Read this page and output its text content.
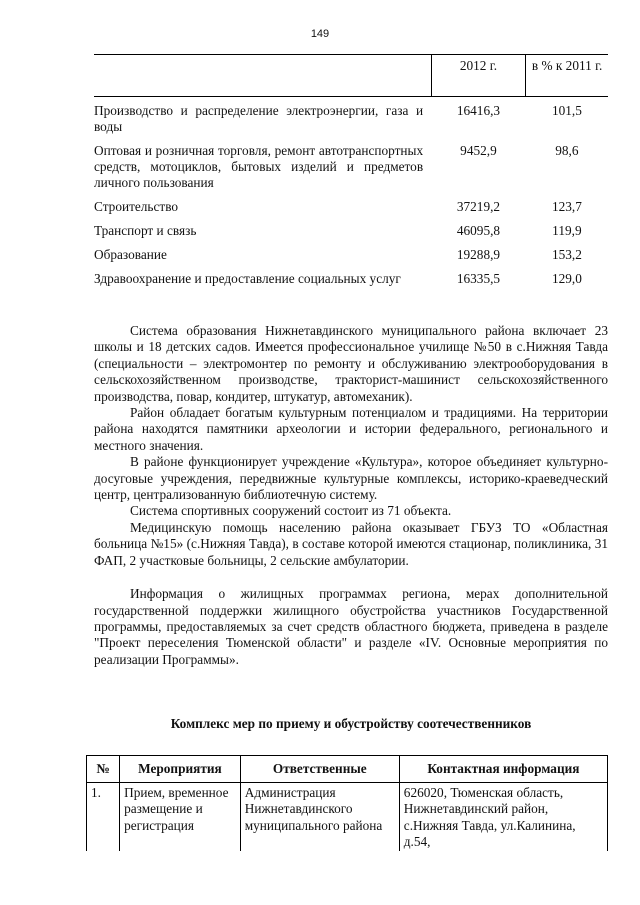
149
	2012 г.	в % к 2011 г.
Производство и распределение электроэнергии, газа и воды	16416,3	101,5
Оптовая и розничная торговля, ремонт автотранспортных средств, мотоциклов, бытовых изделий и предметов личного пользования	9452,9	98,6
Строительство	37219,2	123,7
Транспорт и связь	46095,8	119,9
Образование	19288,9	153,2
Здравоохранение и предоставление социальных услуг	16335,5	129,0

Система образования Нижнетавдинского муниципального района включает 23 школы и 18 детских садов. Имеется профессиональное училище №50 в с.Нижняя Тавда (специальности – электромонтер по ремонту и обслуживанию электрооборудования в сельскохозяйственном производстве, тракторист-машинист сельскохозяйственного производства, повар, кондитер, штукатур, автомеханик).

Район обладает богатым культурным потенциалом и традициями. На территории района находятся памятники археологии и истории федерального, регионального и местного значения.

В районе функционирует учреждение «Культура», которое объединяет культурно-досуговые учреждения, передвижные культурные комплексы, историко-краеведческий центр, централизованную библиотечную систему.

Система спортивных сооружений состоит из 71 объекта.

Медицинскую помощь населению района оказывает ГБУЗ ТО «Областная больница №15» (с.Нижняя Тавда), в составе которой имеются стационар, поликлиника, 31 ФАП, 2 участковые больницы, 2 сельские амбулатории.

Информация о жилищных программах региона, мерах дополнительной государственной поддержки жилищного обустройства участников Государственной программы, предоставляемых за счет средств областного бюджета, приведена в разделе "Проект переселения Тюменской области" и разделе «IV. Основные мероприятия по реализации Программы».

Комплекс мер по приему и обустройству соотечественников
№	Мероприятия	Ответственные	Контактная информация
1.	Прием, временное размещение и регистрация	Администрация Нижнетавдинского муниципального района	626020, Тюменская область, Нижнетавдинский район, с.Нижняя Тавда, ул.Калинина, д.54,
